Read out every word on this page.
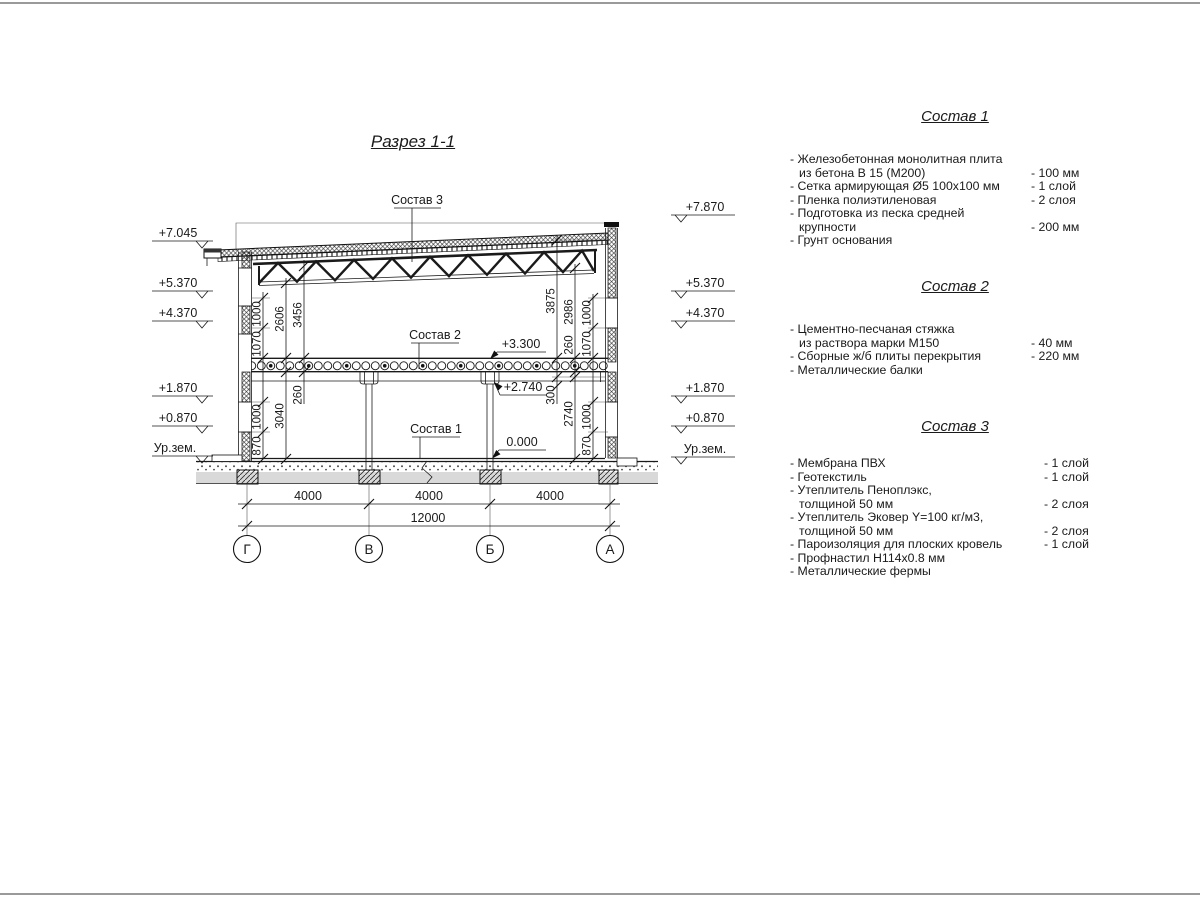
Разрез 1-1
Состав 3
Состав 2
Состав 1
+3.300
+2.740
0.000
+7.045
+5.370
+4.370
+1.870
+0.870
Ур.зем.
+7.870
+5.370
+4.370
+1.870
+0.870
Ур.зем.
1000 2606 3456
1070
260
3040
1000
870
3875 2986 1000
260 1070
300
2740 1000
870
4000	4000	4000
12000
Г	В	Б	А
Состав 1
- Железобетонная монолитная плита
из бетона В 15 (М200)	- 100 мм
- Сетка армирующая Ø5 100х100 мм	- 1 слой
- Пленка полиэтиленовая	- 2 слоя
- Подготовка из песка средней
крупности	- 200 мм
- Грунт основания
Состав 2
- Цементно-песчаная стяжка
из раствора марки М150	- 40 мм
- Сборные ж/б плиты перекрытия	- 220 мм
- Металлические балки
Состав 3
- Мембрана ПВХ	- 1 слой
- Геотекстиль	- 1 слой
- Утеплитель Пеноплэкс,
толщиной 50 мм	- 2 слоя
- Утеплитель Эковер Y=100 кг/м3,
толщиной 50 мм	- 2 слоя
- Пароизоляция для плоских кровель	- 1 слой
- Профнастил Н114х0.8 мм
- Металлические фермы
